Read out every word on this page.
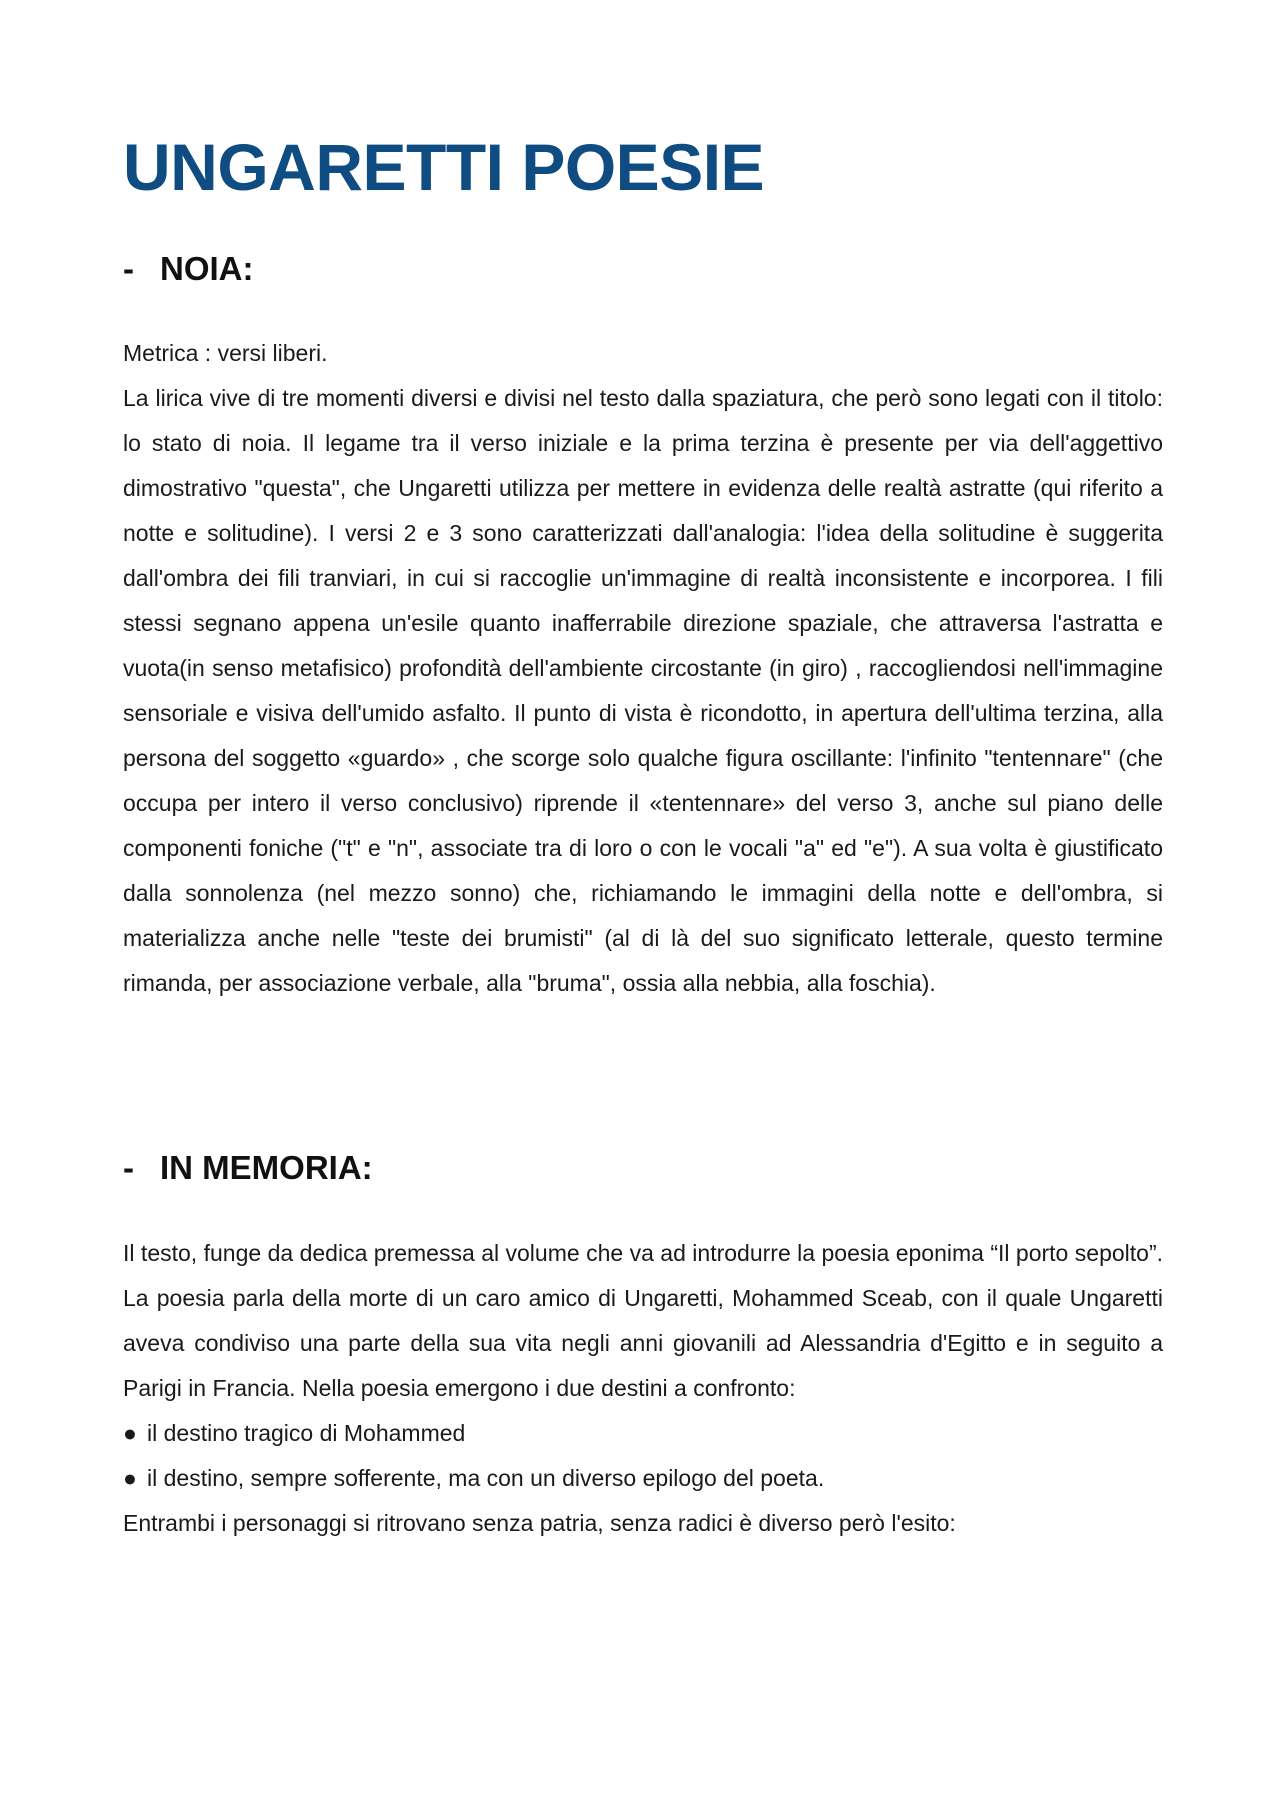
UNGARETTI POESIE
- NOIA:

Metrica : versi liberi.

La lirica vive di tre momenti diversi e divisi nel testo dalla spaziatura, che però sono legati con il titolo: lo stato di noia. Il legame tra il verso iniziale e la prima terzina è presente per via dell'aggettivo dimostrativo "questa", che Ungaretti utilizza per mettere in evidenza delle realtà astratte (qui riferito a notte e solitudine). I versi 2 e 3 sono caratterizzati dall'analogia: l'idea della solitudine è suggerita dall'ombra dei fili tranviari, in cui si raccoglie un'immagine di realtà inconsistente e incorporea. I fili stessi segnano appena un'esile quanto inafferrabile direzione spaziale, che attraversa l'astratta e vuota(in senso metafisico) profondità dell'ambiente circostante (in giro) , raccogliendosi nell'immagine sensoriale e visiva dell'umido asfalto. Il punto di vista è ricondotto, in apertura dell'ultima terzina, alla persona del soggetto «guardo» , che scorge solo qualche figura oscillante: l'infinito "tentennare" (che occupa per intero il verso conclusivo) riprende il «tentennare» del verso 3, anche sul piano delle componenti foniche ("t" e "n", associate tra di loro o con le vocali "a" ed "e"). A sua volta è giustificato dalla sonnolenza (nel mezzo sonno) che, richiamando le immagini della notte e dell'ombra, si materializza anche nelle "teste dei brumisti" (al di là del suo significato letterale, questo termine rimanda, per associazione verbale, alla "bruma", ossia alla nebbia, alla foschia).

- IN MEMORIA:

Il testo, funge da dedica premessa al volume che va ad introdurre la poesia eponima “Il porto sepolto”. La poesia parla della morte di un caro amico di Ungaretti, Mohammed Sceab, con il quale Ungaretti aveva condiviso una parte della sua vita negli anni giovanili ad Alessandria d'Egitto e in seguito a Parigi in Francia. Nella poesia emergono i due destini a confronto:

● il destino tragico di Mohammed
● il destino, sempre sofferente, ma con un diverso epilogo del poeta.

Entrambi i personaggi si ritrovano senza patria, senza radici è diverso però l'esito:
